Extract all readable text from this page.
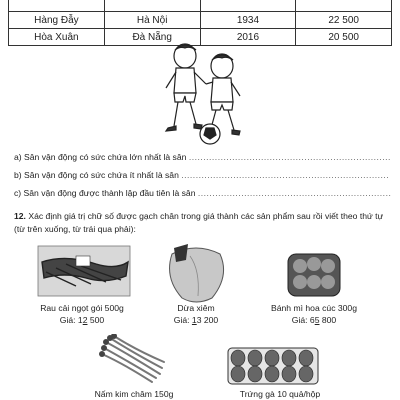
Hàng Đẫy	Hà Nội	1934	22 500
Hòa Xuân	Đà Nẵng	2016	20 500
a) Sân vận động có sức chứa lớn nhất là sân ......................................................................
b) Sân vận động có sức chứa ít nhất là sân ........................................................................
c) Sân vận động được thành lập đầu tiên là sân ...................................................................
12. Xác định giá trị chữ số được gạch chân trong giá thành các sản phẩm sau rồi viết theo thứ tự (từ trên xuống, từ trái qua phải):
Rau cải ngọt gói 500g
Giá: 12 500
Dừa xiêm
Giá: 13 200
Bánh mì hoa cúc 300g
Giá: 65 800
Nấm kim châm 150g	Trứng gà 10 quả/hộp
